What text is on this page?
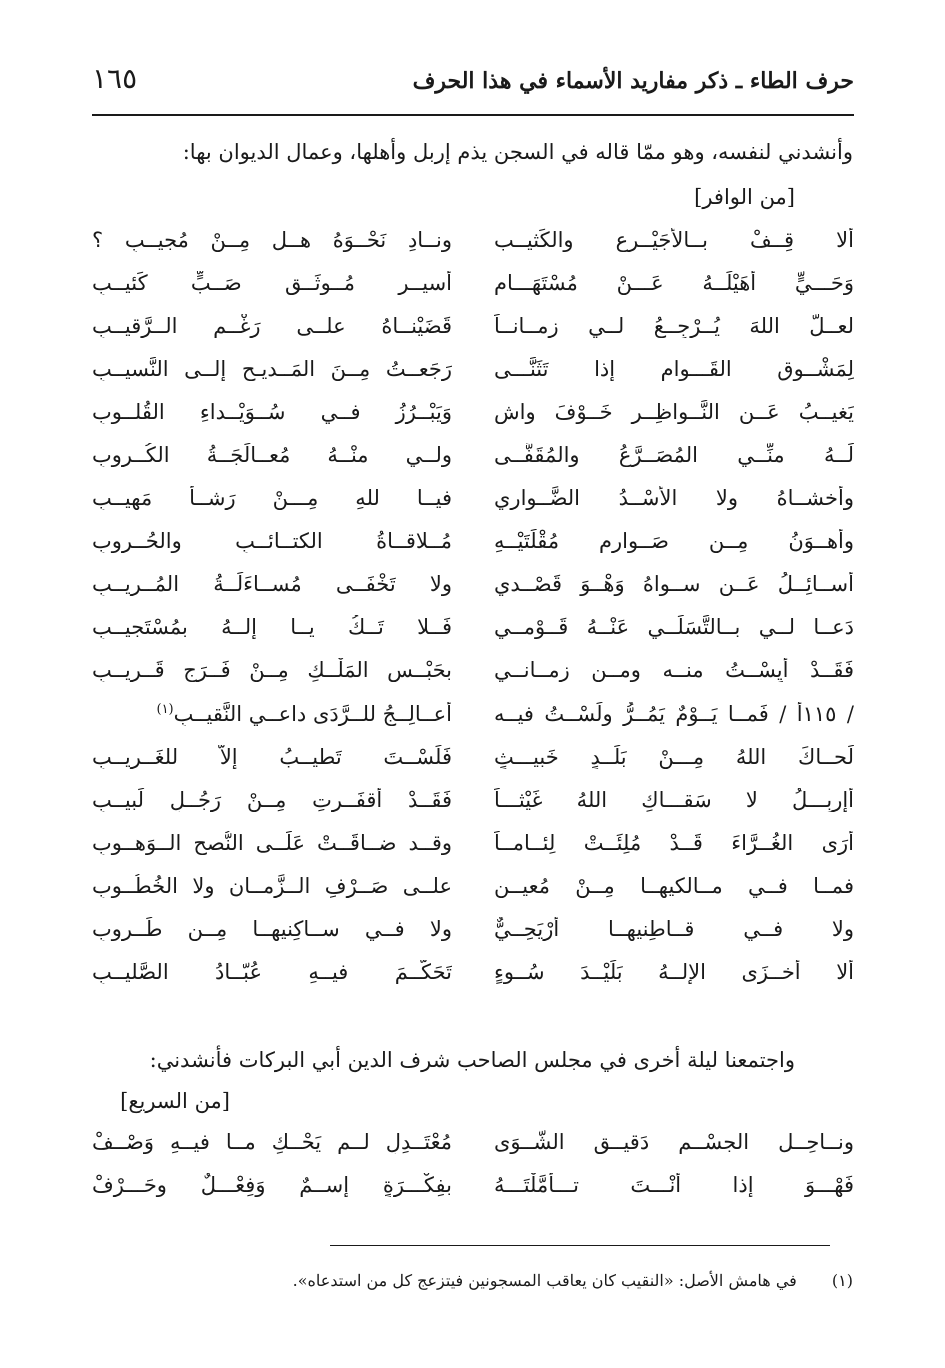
١٦٥	حرف الطاء ـ ذكر مفاريد الأسماء في هذا الحرف
وأنشدني لنفسه، وهو ممّا قاله في السجن يذم إربل وأهلها، وعمال الديوان بها:
[من الوافر]
ألا قِــفْ بــالأُجَيْــرِع والكَثيــب
ونــادِ نَحْــوَهُ هــل مِــنْ مُجيــبِ ؟
وَحَـــيٍّ أُهَيْلَــهُ عَـــنْ مُسْتَهَـــامٍ
أسيــرٍ مُــوثَــقٍ صَــبٍّ كَئيــبِ
لعــلَّ اللهَ يُــرْجِــعُ لــي زمــانــاً
قَضَيْنــاهُ علــى رَغْــمِ الــرَّقيــبِ
لِمَشْــوقِ القَـــوامِ إذا تَثَنَّـــى
رَجَعــتُ مِــنَ المَــديـحِ إلــى النَّسيــبِ
يَغيــبُ عَــنِ النَّــواظِــرِ خَــوْفَ واشٍ
وَيَبْــرُزُ فــي سُــوَيْــداءِ القُلــوبِ
لَــهُ منِّــي المُصَــرَّعُ والمُقَفَّــى
ولــي منْــهُ مُعــالَجَــةُ الكُــروبِ
وأخشــاهُ ولا الأُسْــدُ الضَّــواري
فيــا للهِ مِـــنْ رَشــأ مَهيــبِ
وأهــوَنُ مِــن صَــوارِمِ مُقْلَتَيْــهِ
مُــلاقــاةُ الكتــائــبِ والحُــروبِ
أُســائِــلُ عَــن ســواهُ وَهْــوَ قَصْــدي
ولا تَخْفَــى مُســاءَلَــةُ المُــريــبِ
دَعــا لــي بــالتَّسَلِّــي عَنْــهُ قَــوْمــي
فَــلا تَــكُ يــا إلــهُ بمُسْتَجيــبِ
فَقَــدْ أَيِسْــتُ منــه ومــن زمــانــي
بحَبْــسِ المَلْــكِ مِــنْ فَــرَجٍ قَــريــبِ
/ ١١٥أ / فَمــا يَــوْمٌ يَمُــرُّ ولَسْــتُ فيــه
أُعــالِــجُ للــرَّدَى داعــي النَّقيــبِ$^{(١)}$
لَحــاكَ اللهُ مِـــنْ بَلَــدٍ خَبيـــثٍ
فَلَسْــتَ تَطيــبُ إلاَّ للغَــريــبِ
أإربِـــلُ لا سَقـــاكِ اللهُ غَيْثـــاً
فَقَــدْ أَقفَــرتِ مِــنْ رَجُــلٍ لَبيــبِ
أرَى الغُــرَّاءَ قَــدْ مُلِئَــتْ لِئــامــاً
وقــد ضــاقَــتْ عَلَــى النُّصحِ الــوَهــوبِ
فمــا فــي مــالكيهــا مِــنْ مُعيــنٍ
علــى صَــرْفِ الــزَّمــانِ ولا الخُطُــوبِ
ولا فــي قــاطِنيهــا أرْيَحِــيٌّ
ولا فــي ســاكِنيهــا مِــن طَــروبِ
ألا أخــزَى الإلــهُ بَلَيْــدَ سُــوءٍ
تَحَكَّــمَ فيــهِ عُبّــادُ الصَّليــبِ
واجتمعنا ليلة أخرى في مجلس الصاحب شرف الدين أبي البركات فأنشدني:
[من السريع]
ونــاحِــلِ الجسْــمِ دَقيــقِ الشَّــوَى
مُعْتَــدِلٍ لــم يَحْــكِ مــا فيــهِ وَصْــفْ
فَهْـــوَ إذا أنْـــتَ تـــأمَّلْتَـــهُ
بفِكْـــرَةٍ إســمٌ وَفِعْـــلٌ وحَـــرْفْ
(١) في هامش الأصل: «النقيب كان يعاقب المسجونين فيتزعج كل من استدعاه».
